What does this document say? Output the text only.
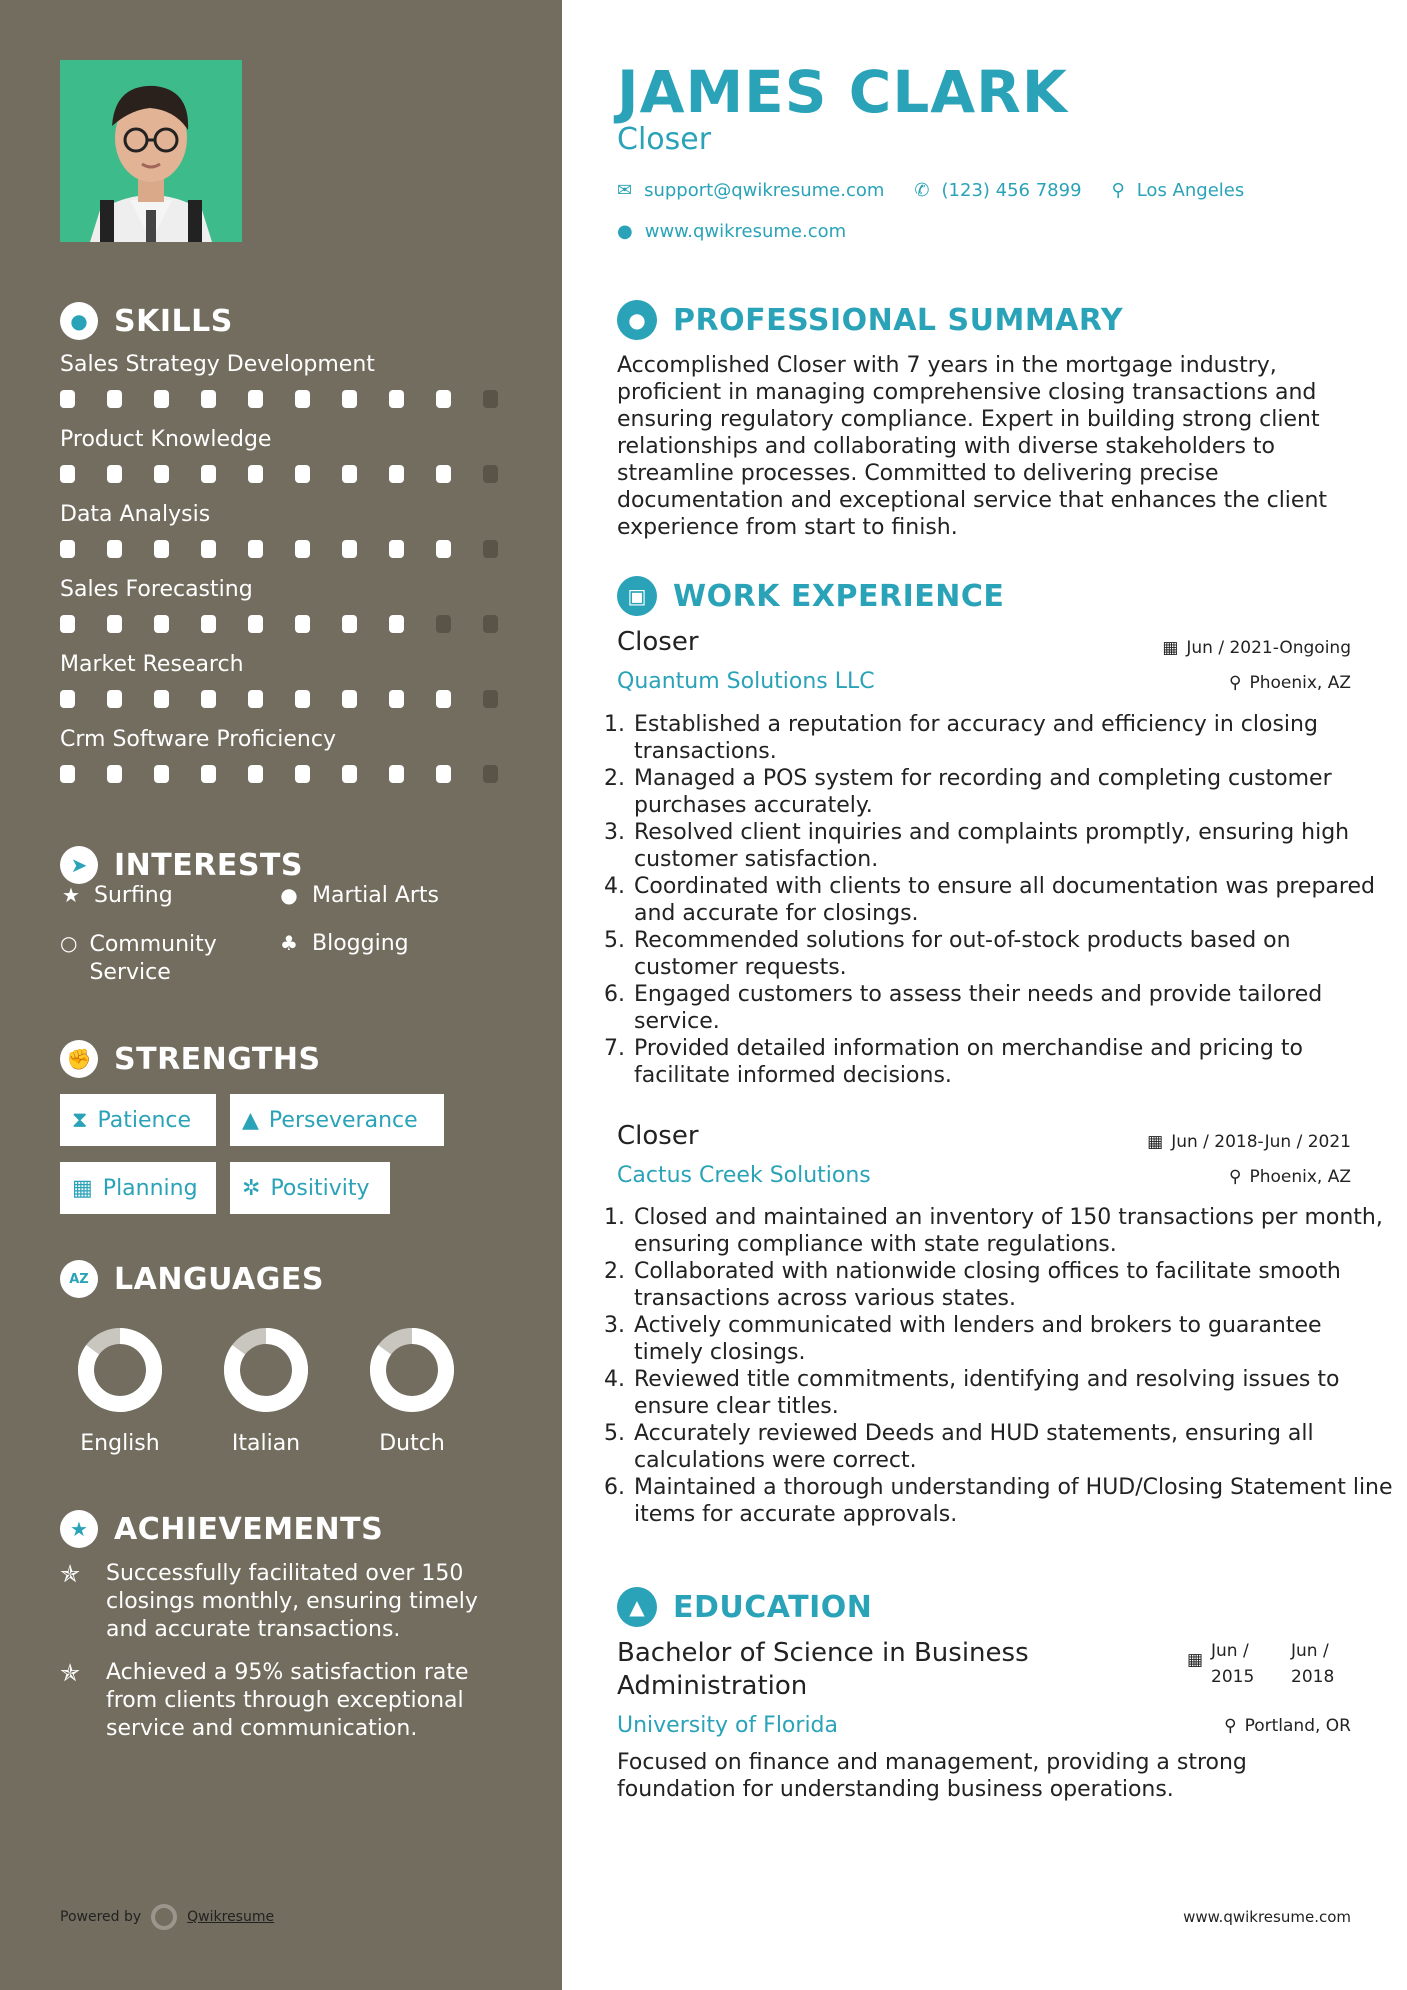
● SKILLS
Sales Strategy Development
Product Knowledge
Data Analysis
Sales Forecasting
Market Research
Crm Software Proficiency
➤ INTERESTS
★ Surfing	● Martial Arts
○ Community Service
♣ Blogging
✊ STRENGTHS
⧗ Patience ▲ Perseverance
▦ Planning ✲ Positivity
AZ LANGUAGES
English	Italian	Dutch
★ ACHIEVEMENTS
✯	Successfully facilitated over 150 closings monthly, ensuring timely and accurate transactions.
✯	Achieved a 95% satisfaction rate from clients through exceptional service and communication.
Powered by	Qwikresume
JAMES CLARK
Closer
✉ support@qwikresume.com ✆ (123) 456 7899 ⚲ Los Angeles
● www.qwikresume.com
● PROFESSIONAL SUMMARY
Accomplished Closer with 7 years in the mortgage industry, proficient in managing comprehensive closing transactions and ensuring regulatory compliance. Expert in building strong client relationships and collaborating with diverse stakeholders to streamline processes. Committed to delivering precise documentation and exceptional service that enhances the client experience from start to finish.
▣ WORK EXPERIENCE
Closer	▦ Jun / 2021-Ongoing
Quantum Solutions LLC	⚲ Phoenix, AZ
1. Established a reputation for accuracy and efficiency in closing transactions.
2. Managed a POS system for recording and completing customer purchases accurately.
3. Resolved client inquiries and complaints promptly, ensuring high customer satisfaction.
4. Coordinated with clients to ensure all documentation was prepared and accurate for closings.
5. Recommended solutions for out-of-stock products based on customer requests.
6. Engaged customers to assess their needs and provide tailored service.
7. Provided detailed information on merchandise and pricing to facilitate informed decisions.
Closer	▦ Jun / 2018-Jun / 2021
Cactus Creek Solutions	⚲ Phoenix, AZ
1. Closed and maintained an inventory of 150 transactions per month, ensuring compliance with state regulations.
2. Collaborated with nationwide closing offices to facilitate smooth transactions across various states.
3. Actively communicated with lenders and brokers to guarantee timely closings.
4. Reviewed title commitments, identifying and resolving issues to ensure clear titles.
5. Accurately reviewed Deeds and HUD statements, ensuring all calculations were correct.
6. Maintained a thorough understanding of HUD/Closing Statement line items for accurate approvals.
▲ EDUCATION
Bachelor of Science in Business Administration
▦ Jun / 2015
Jun / 2018
University of Florida	⚲ Portland, OR
Focused on finance and management, providing a strong foundation for understanding business operations.
www.qwikresume.com
